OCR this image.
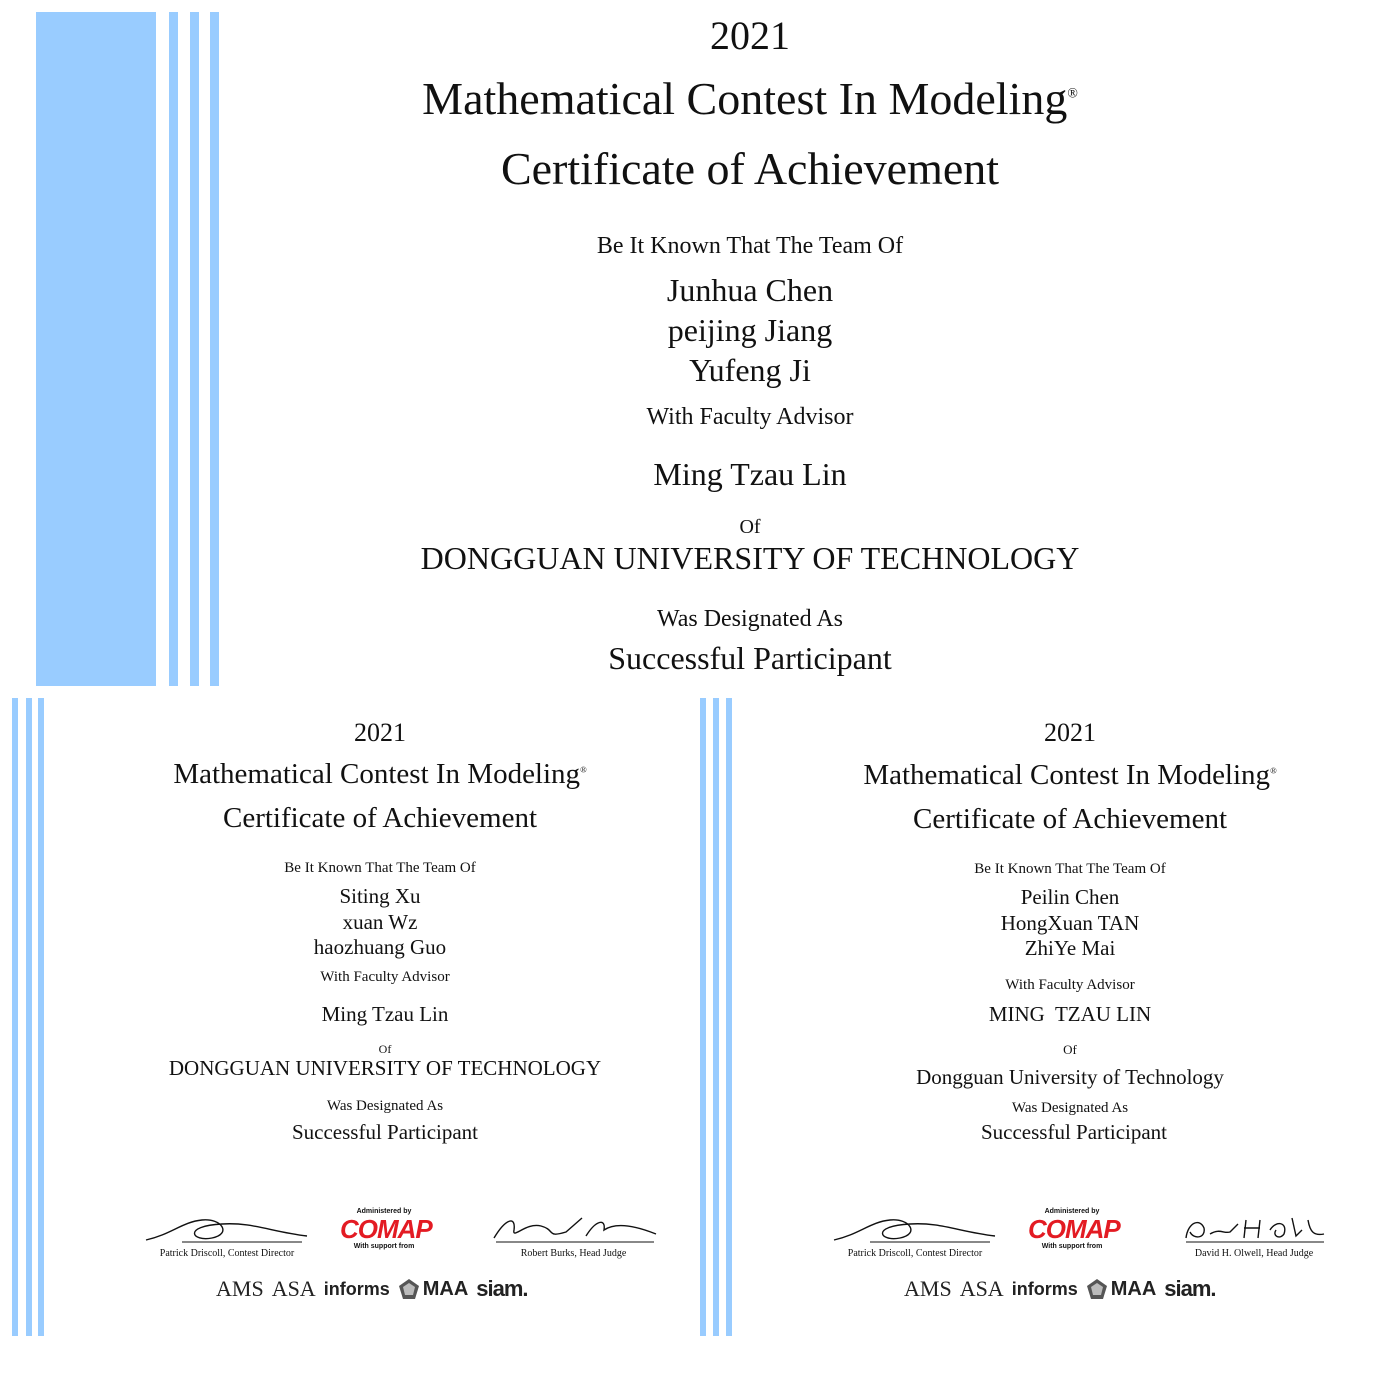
2021
Mathematical Contest In Modeling®
Certificate of Achievement
Be It Known That The Team Of
Junhua Chen
peijing Jiang
Yufeng Ji
With Faculty Advisor
Ming Tzau Lin
Of
DONGGUAN UNIVERSITY OF TECHNOLOGY
Was Designated As
Successful Participant
2021
Mathematical Contest In Modeling®
Certificate of Achievement
Be It Known That The Team Of
Siting Xu
xuan Wz
haozhuang Guo
With Faculty Advisor
Ming Tzau Lin
Of
DONGGUAN UNIVERSITY OF TECHNOLOGY
Was Designated As
Successful Participant
Patrick Driscoll, Contest Director
Administered by
COMAP
With support from
Robert Burks, Head Judge
AMS ASA informs MAA siam.
2021
Mathematical Contest In Modeling®
Certificate of Achievement
Be It Known That The Team Of
Peilin Chen
HongXuan TAN
ZhiYe Mai
With Faculty Advisor
MING  TZAU LIN
Of
Dongguan University of Technology
Was Designated As
Successful Participant
Patrick Driscoll, Contest Director
Administered by
COMAP
With support from
David H. Olwell, Head Judge
AMS ASA informs MAA siam.
